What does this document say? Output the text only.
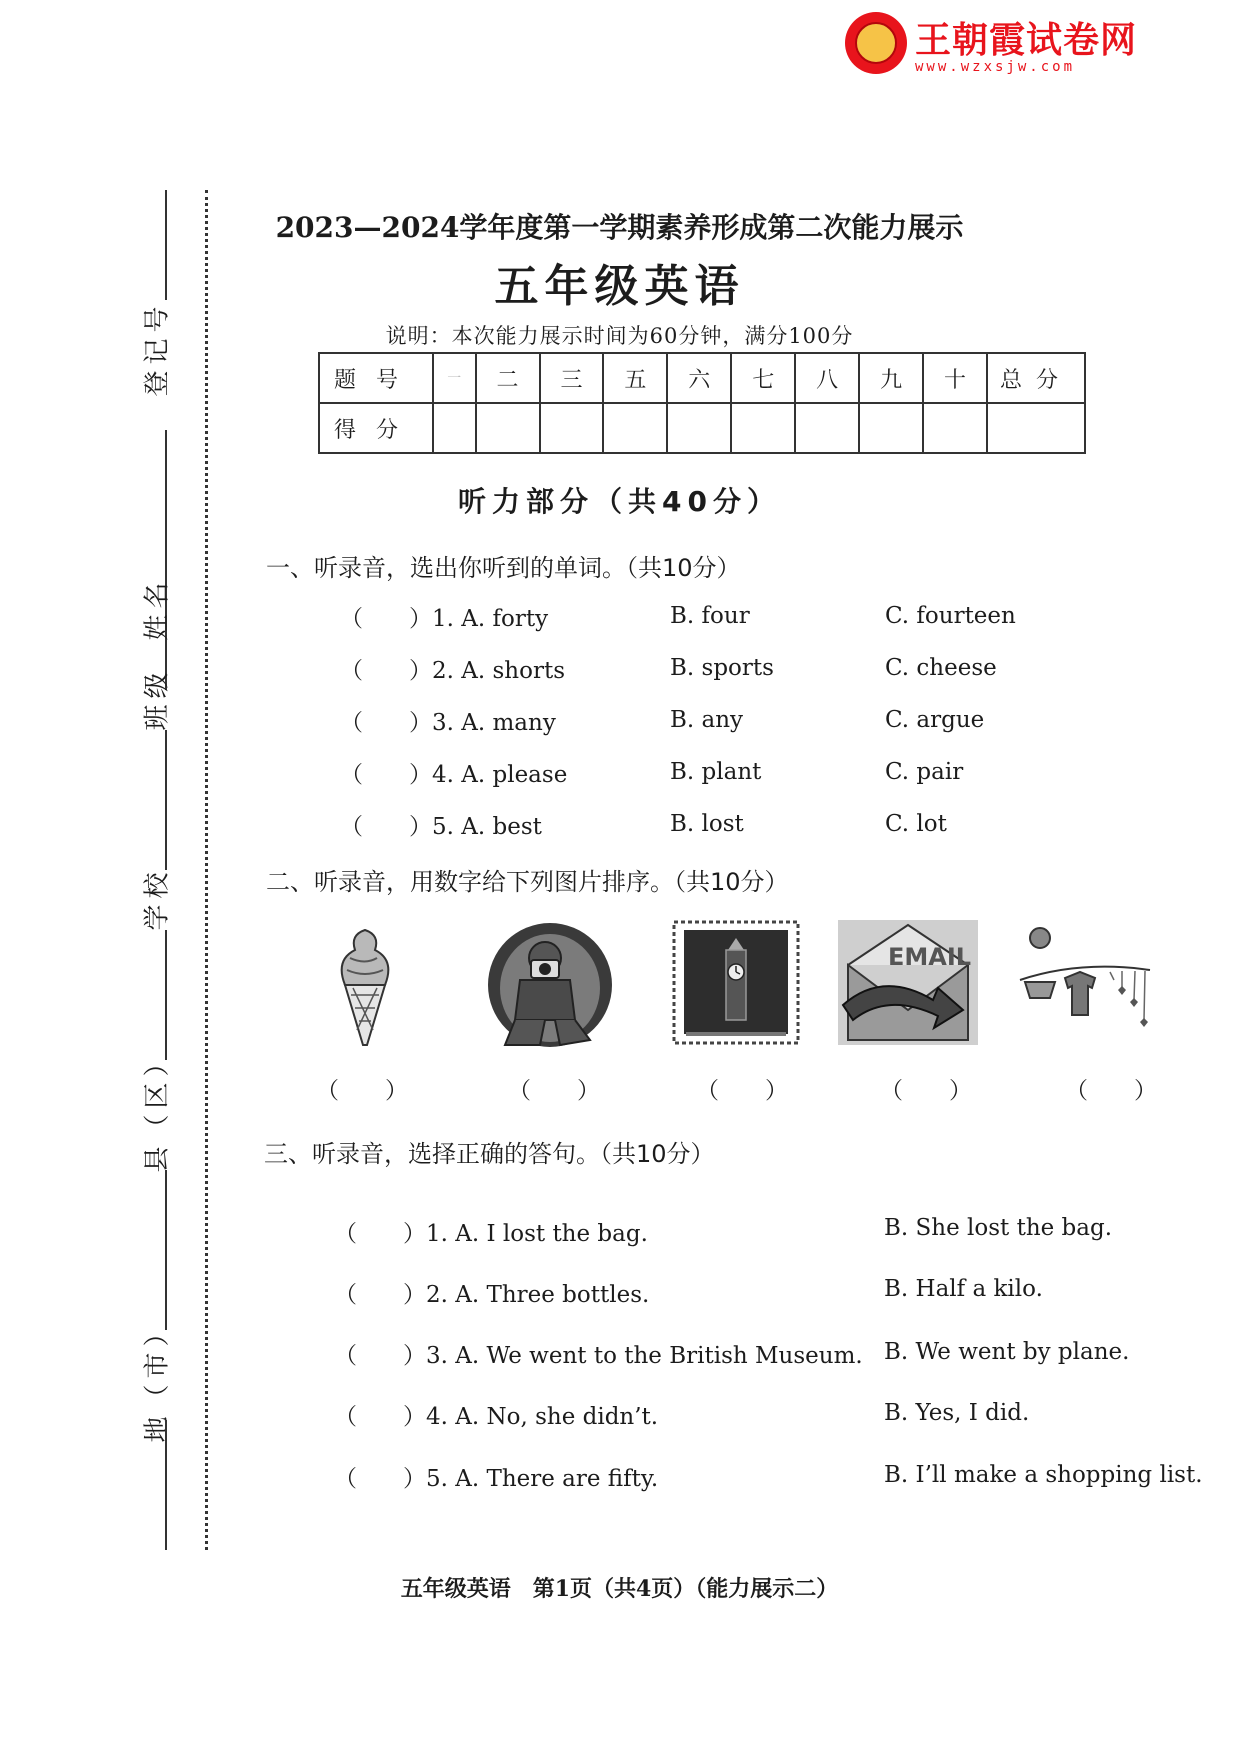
王朝霞试卷网
www.wzxsjw.com
登记号
姓名
班级
学校
县（区）
地（市）
2023—2024学年度第一学期素养形成第二次能力展示
五年级英语
说明：本次能力展示时间为60分钟，满分100分
题号	一	二	三	五	六	七	八	九	十	总分
得分										
听力部分（共40分）
一、听录音，选出你听到的单词。（共10分）
（　　）1. A. forty	B. four	C. fourteen
（　　）2. A. shorts	B. sports	C. cheese
（　　）3. A. many	B. any	C. argue
（　　）4. A. please	B. plant	C. pair
（　　）5. A. best	B. lost	C. lot
二、听录音，用数字给下列图片排序。（共10分）
EMAIL
（　　）	（　　）	（　　）	（　　）	（　　）
三、听录音，选择正确的答句。（共10分）
（　　）1. A. I lost the bag.	B. She lost the bag.
（　　）2. A. Three bottles.	B. Half a kilo.
（　　）3. A. We went to the British Museum. B. We went by plane.
（　　）4. A. No, she didn’t.	B. Yes, I did.
（　　）5. A. There are fifty.	B. I’ll make a shopping list.
五年级英语　第1页（共4页）（能力展示二）
